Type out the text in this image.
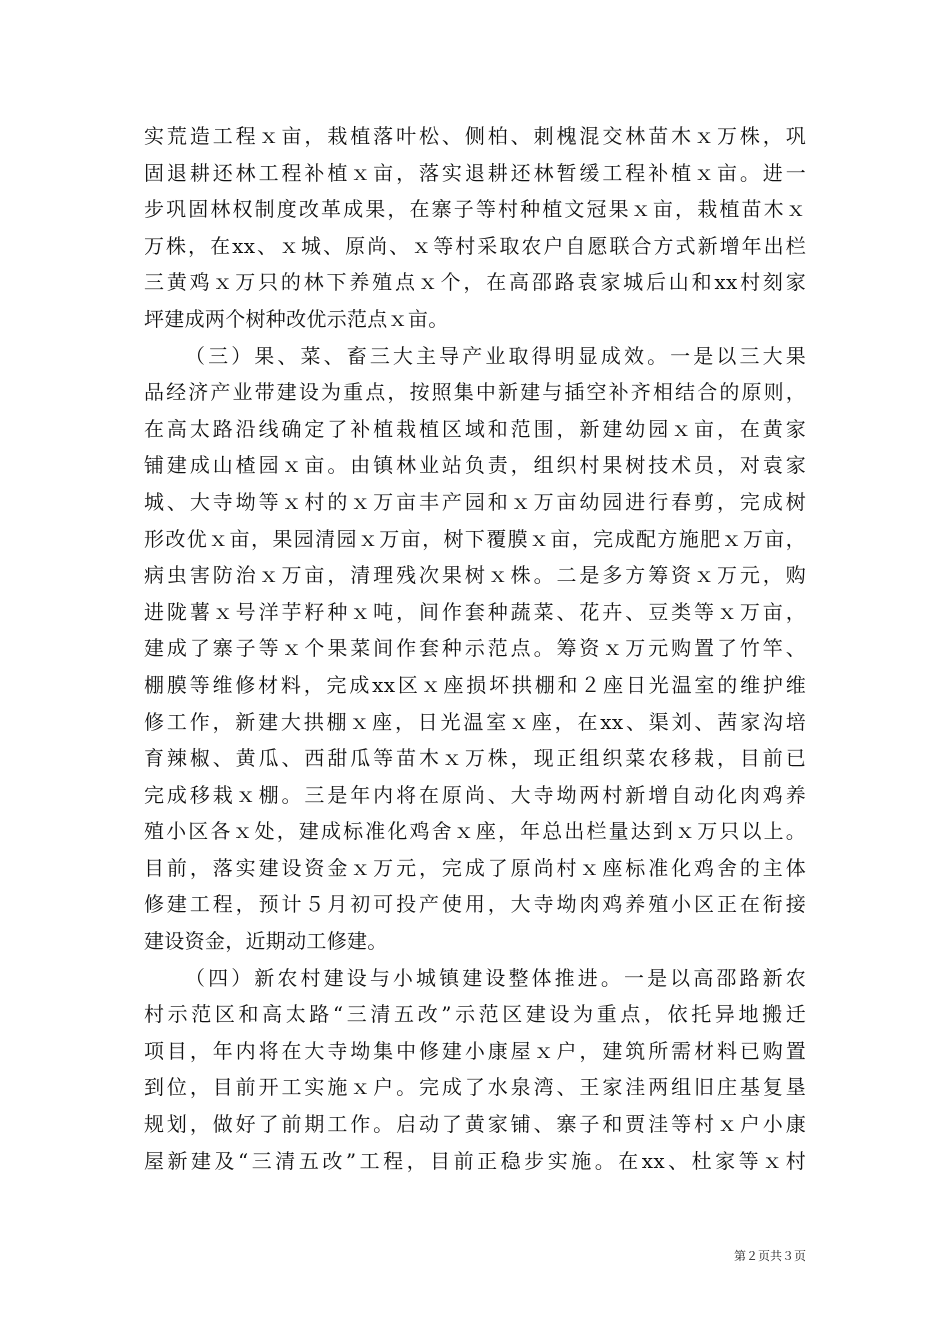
实荒造工程ｘ亩，栽植落叶松、侧柏、刺槐混交林苗木ｘ万株，巩
固退耕还林工程补植ｘ亩，落实退耕还林暂缓工程补植ｘ亩。进一
步巩固林权制度改革成果，在寨子等村种植文冠果ｘ亩，栽植苗木ｘ
万株，在xx、ｘ城、原尚、ｘ等村采取农户自愿联合方式新增年出栏
三黄鸡ｘ万只的林下养殖点ｘ个，在高邵路袁家城后山和xx村刻家
坪建成两个树种改优示范点ｘ亩。
（三）果、菜、畜三大主导产业取得明显成效。一是以三大果
品经济产业带建设为重点，按照集中新建与插空补齐相结合的原则，
在高太路沿线确定了补植栽植区域和范围，新建幼园ｘ亩，在黄家
铺建成山楂园ｘ亩。由镇林业站负责，组织村果树技术员，对袁家
城、大寺坳等ｘ村的ｘ万亩丰产园和ｘ万亩幼园进行春剪，完成树
形改优ｘ亩，果园清园ｘ万亩，树下覆膜ｘ亩，完成配方施肥ｘ万亩，
病虫害防治ｘ万亩，清理残次果树ｘ株。二是多方筹资ｘ万元，购
进陇薯ｘ号洋芋籽种ｘ吨，间作套种蔬菜、花卉、豆类等ｘ万亩，
建成了寨子等ｘ个果菜间作套种示范点。筹资ｘ万元购置了竹竿、
棚膜等维修材料，完成xx区ｘ座损坏拱棚和２座日光温室的维护维
修工作，新建大拱棚ｘ座，日光温室ｘ座，在xx、渠刘、茜家沟培
育辣椒、黄瓜、西甜瓜等苗木ｘ万株，现正组织菜农移栽，目前已
完成移栽ｘ棚。三是年内将在原尚、大寺坳两村新增自动化肉鸡养
殖小区各ｘ处，建成标准化鸡舍ｘ座，年总出栏量达到ｘ万只以上。
目前，落实建设资金ｘ万元，完成了原尚村ｘ座标准化鸡舍的主体
修建工程，预计５月初可投产使用，大寺坳肉鸡养殖小区正在衔接
建设资金，近期动工修建。
（四）新农村建设与小城镇建设整体推进。一是以高邵路新农
村示范区和高太路“三清五改”示范区建设为重点，依托异地搬迁
项目，年内将在大寺坳集中修建小康屋ｘ户，建筑所需材料已购置
到位，目前开工实施ｘ户。完成了水泉湾、王家洼两组旧庄基复垦
规划，做好了前期工作。启动了黄家铺、寨子和贾洼等村ｘ户小康
屋新建及“三清五改”工程，目前正稳步实施。在xx、杜家等ｘ村
第２页共３页
